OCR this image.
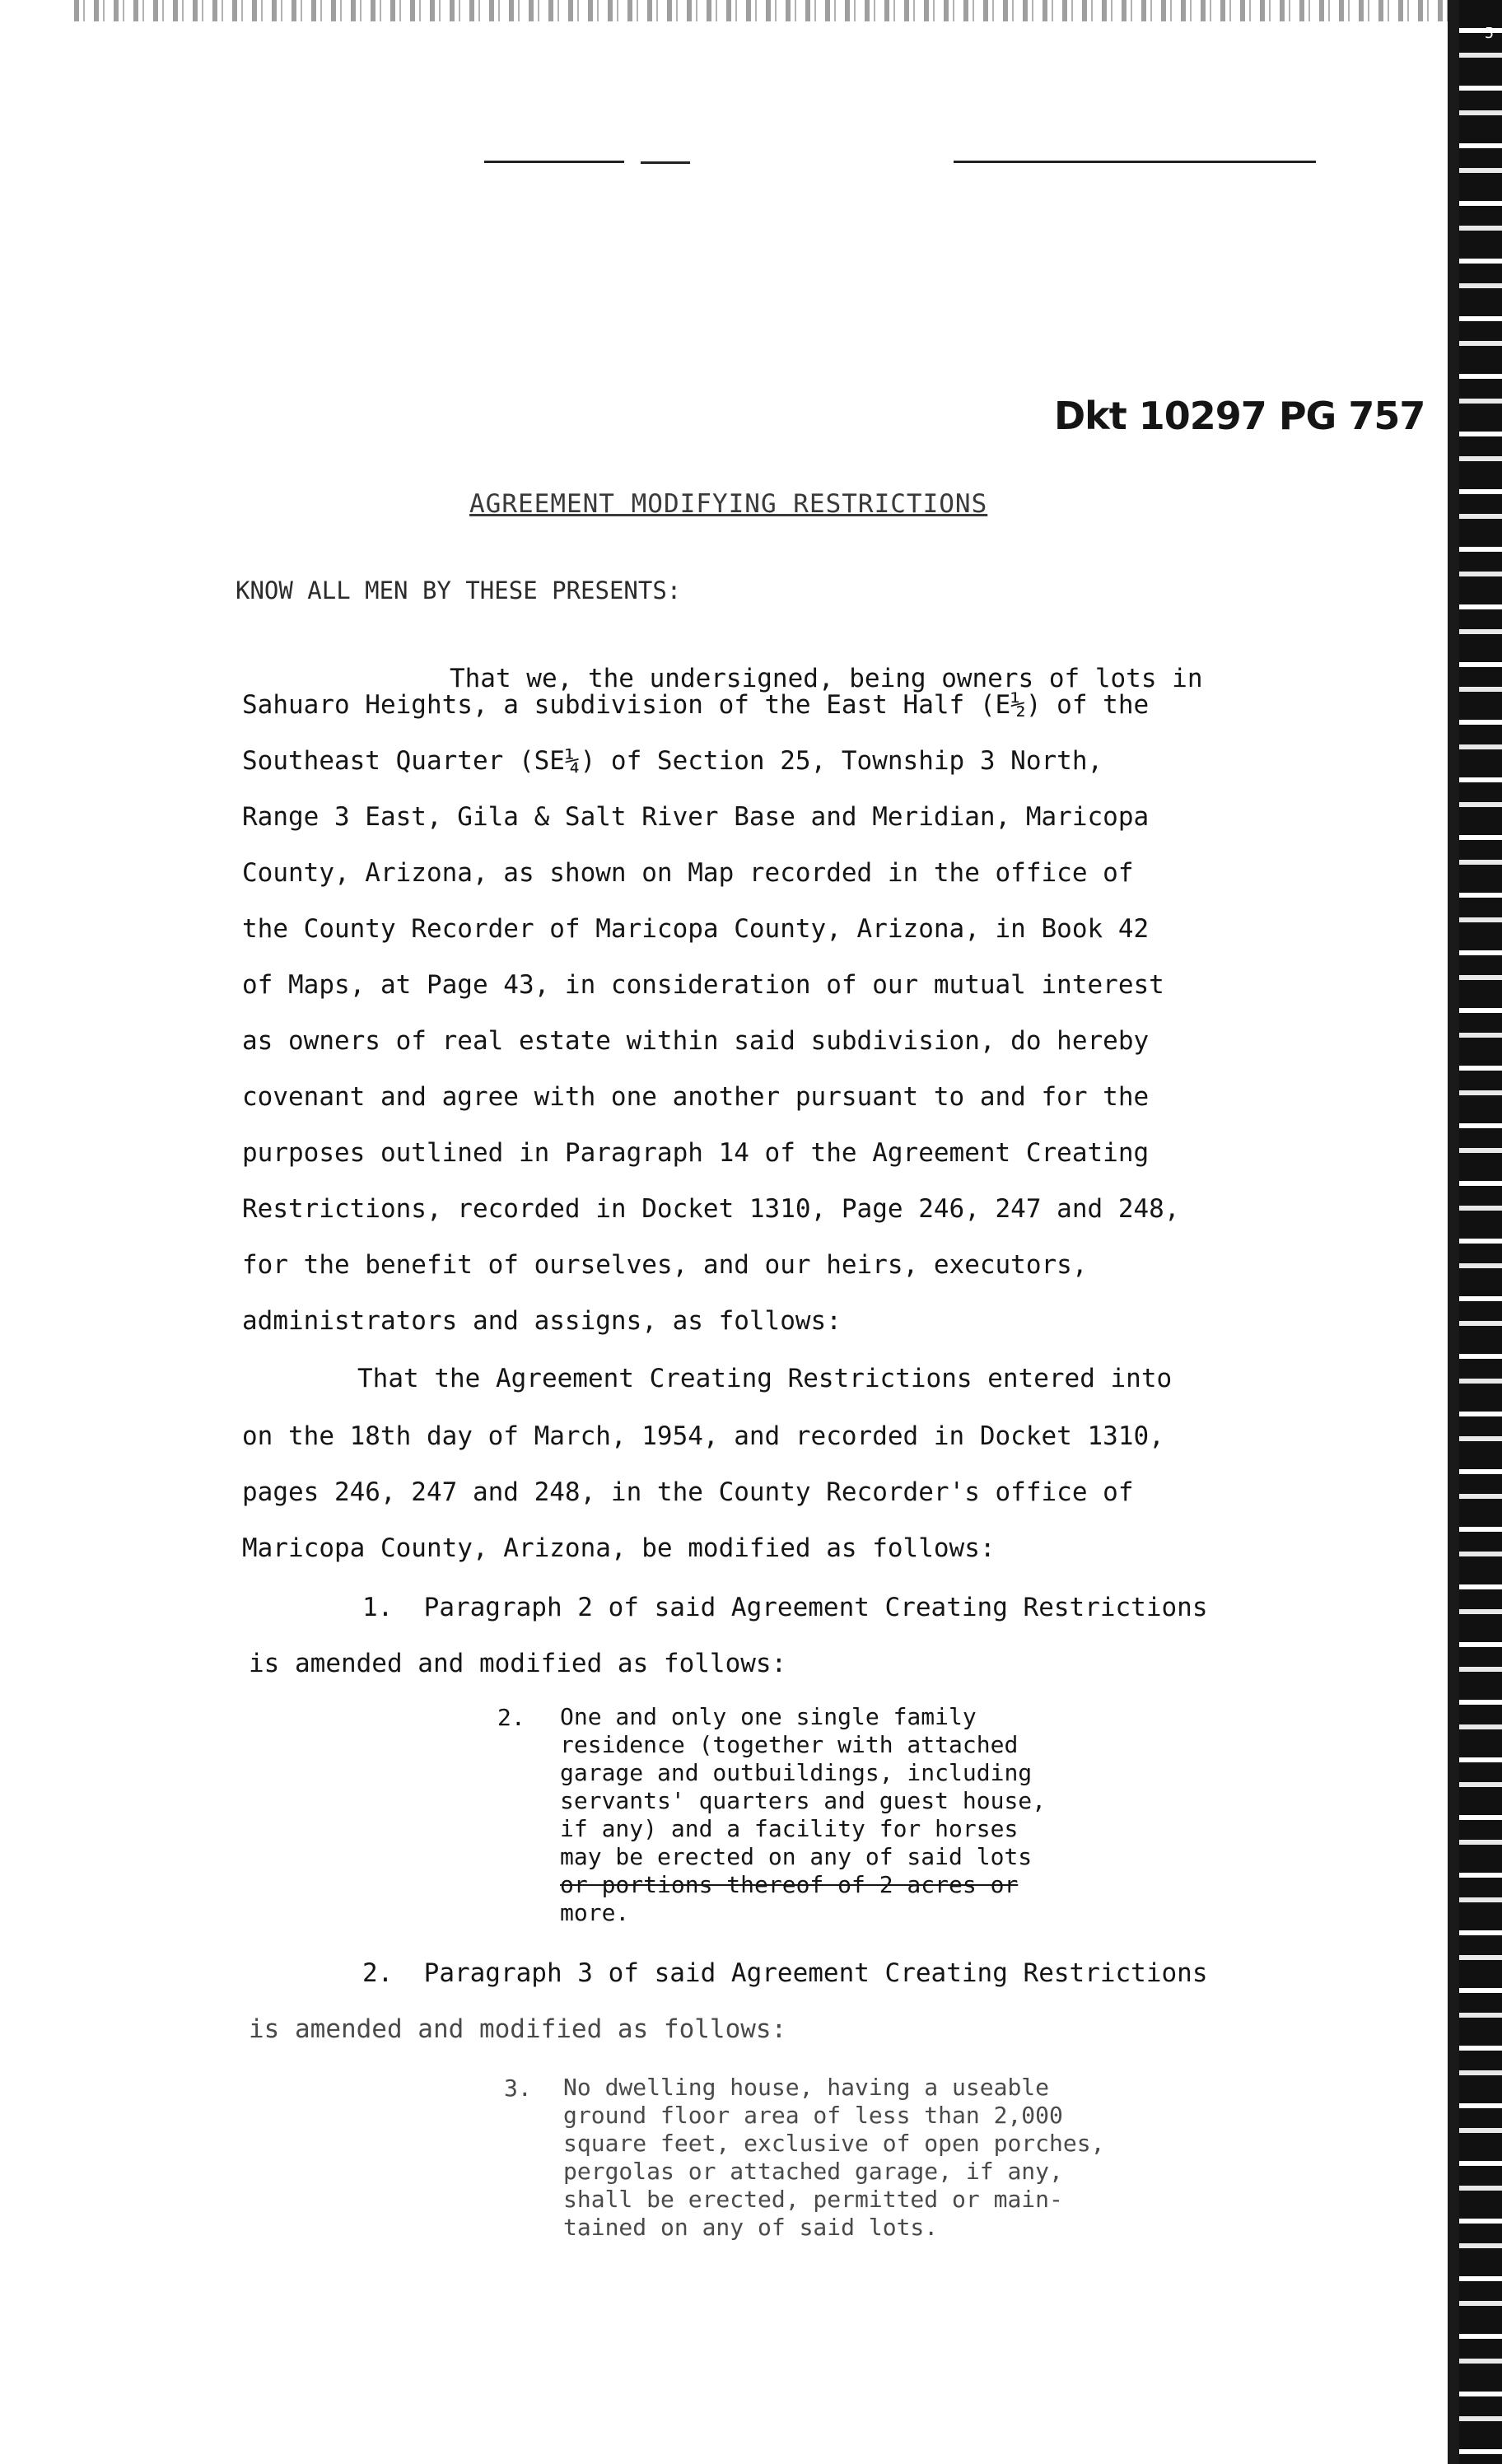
5
Dkt 10297 PG 757
AGREEMENT MODIFYING RESTRICTIONS
KNOW ALL MEN BY THESE PRESENTS:

That we, the undersigned, being owners of lots in

Sahuaro Heights, a subdivision of the East Half (E½) of the
Southeast Quarter (SE¼) of Section 25, Township 3 North,
Range 3 East, Gila & Salt River Base and Meridian, Maricopa
County, Arizona, as shown on Map recorded in the office of
the County Recorder of Maricopa County, Arizona, in Book 42
of Maps, at Page 43, in consideration of our mutual interest
as owners of real estate within said subdivision, do hereby
covenant and agree with one another pursuant to and for the
purposes outlined in Paragraph 14 of the Agreement Creating
Restrictions, recorded in Docket 1310, Page 246, 247 and 248,
for the benefit of ourselves, and our heirs, executors,
administrators and assigns, as follows:
That the Agreement Creating Restrictions entered into
on the 18th day of March, 1954, and recorded in Docket 1310,
pages 246, 247 and 248, in the County Recorder's office of
Maricopa County, Arizona, be modified as follows:
1.  Paragraph 2 of said Agreement Creating Restrictions
is amended and modified as follows:
2. One and only one single family
residence (together with attached
garage and outbuildings, including
servants' quarters and guest house,
if any) and a facility for horses
may be erected on any of said lots
or portions thereof of 2 acres or
more.
2.  Paragraph 3 of said Agreement Creating Restrictions
is amended and modified as follows:
3. No dwelling house, having a useable
ground floor area of less than 2,000
square feet, exclusive of open porches,
pergolas or attached garage, if any,
shall be erected, permitted or main-
tained on any of said lots.
